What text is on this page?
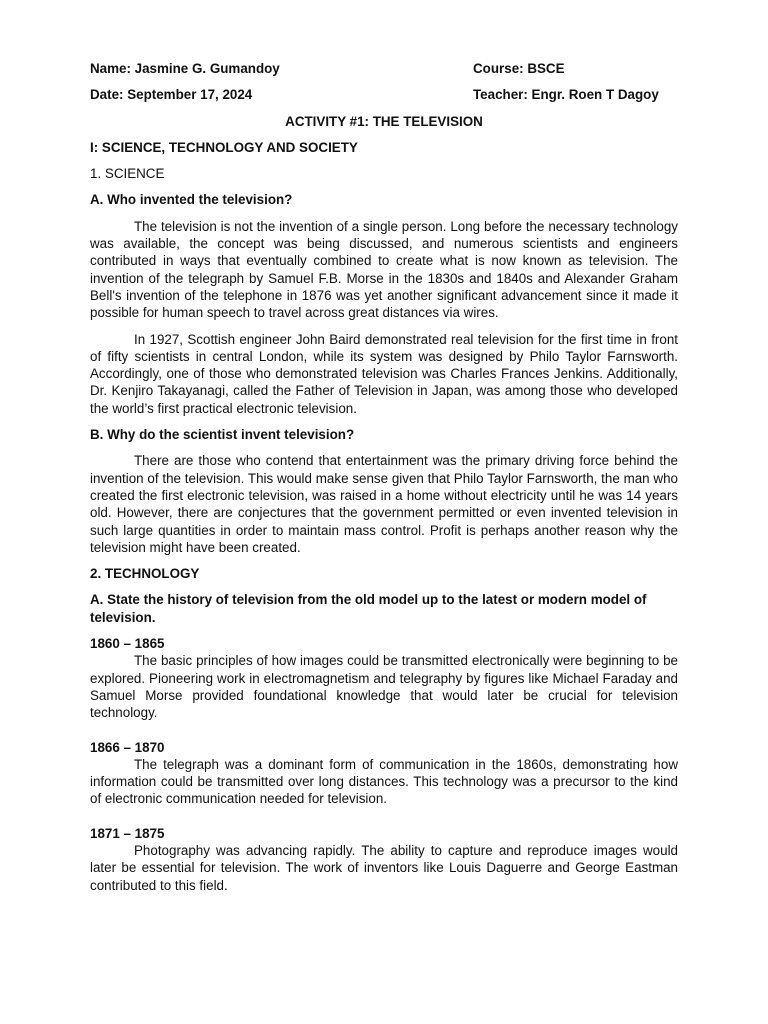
Name: Jasmine G. Gumandoy	Course: BSCE
Date: September 17, 2024	Teacher: Engr. Roen T Dagoy
ACTIVITY #1: THE TELEVISION
I: SCIENCE, TECHNOLOGY AND SOCIETY
1. SCIENCE
A. Who invented the television?

The television is not the invention of a single person. Long before the necessary technology was available, the concept was being discussed, and numerous scientists and engineers contributed in ways that eventually combined to create what is now known as television. The invention of the telegraph by Samuel F.B. Morse in the 1830s and 1840s and Alexander Graham Bell's invention of the telephone in 1876 was yet another significant advancement since it made it possible for human speech to travel across great distances via wires.

In 1927, Scottish engineer John Baird demonstrated real television for the first time in front of fifty scientists in central London, while its system was designed by Philo Taylor Farnsworth. Accordingly, one of those who demonstrated television was Charles Frances Jenkins. Additionally, Dr. Kenjiro Takayanagi, called the Father of Television in Japan, was among those who developed the world’s first practical electronic television.

B. Why do the scientist invent television?

There are those who contend that entertainment was the primary driving force behind the invention of the television. This would make sense given that Philo Taylor Farnsworth, the man who created the first electronic television, was raised in a home without electricity until he was 14 years old. However, there are conjectures that the government permitted or even invented television in such large quantities in order to maintain mass control. Profit is perhaps another reason why the television might have been created.

2. TECHNOLOGY
A. State the history of television from the old model up to the latest or modern model of television.
1860 – 1865

The basic principles of how images could be transmitted electronically were beginning to be explored. Pioneering work in electromagnetism and telegraphy by figures like Michael Faraday and Samuel Morse provided foundational knowledge that would later be crucial for television technology.

1866 – 1870

The telegraph was a dominant form of communication in the 1860s, demonstrating how information could be transmitted over long distances. This technology was a precursor to the kind of electronic communication needed for television.

1871 – 1875

Photography was advancing rapidly. The ability to capture and reproduce images would later be essential for television. The work of inventors like Louis Daguerre and George Eastman contributed to this field.
